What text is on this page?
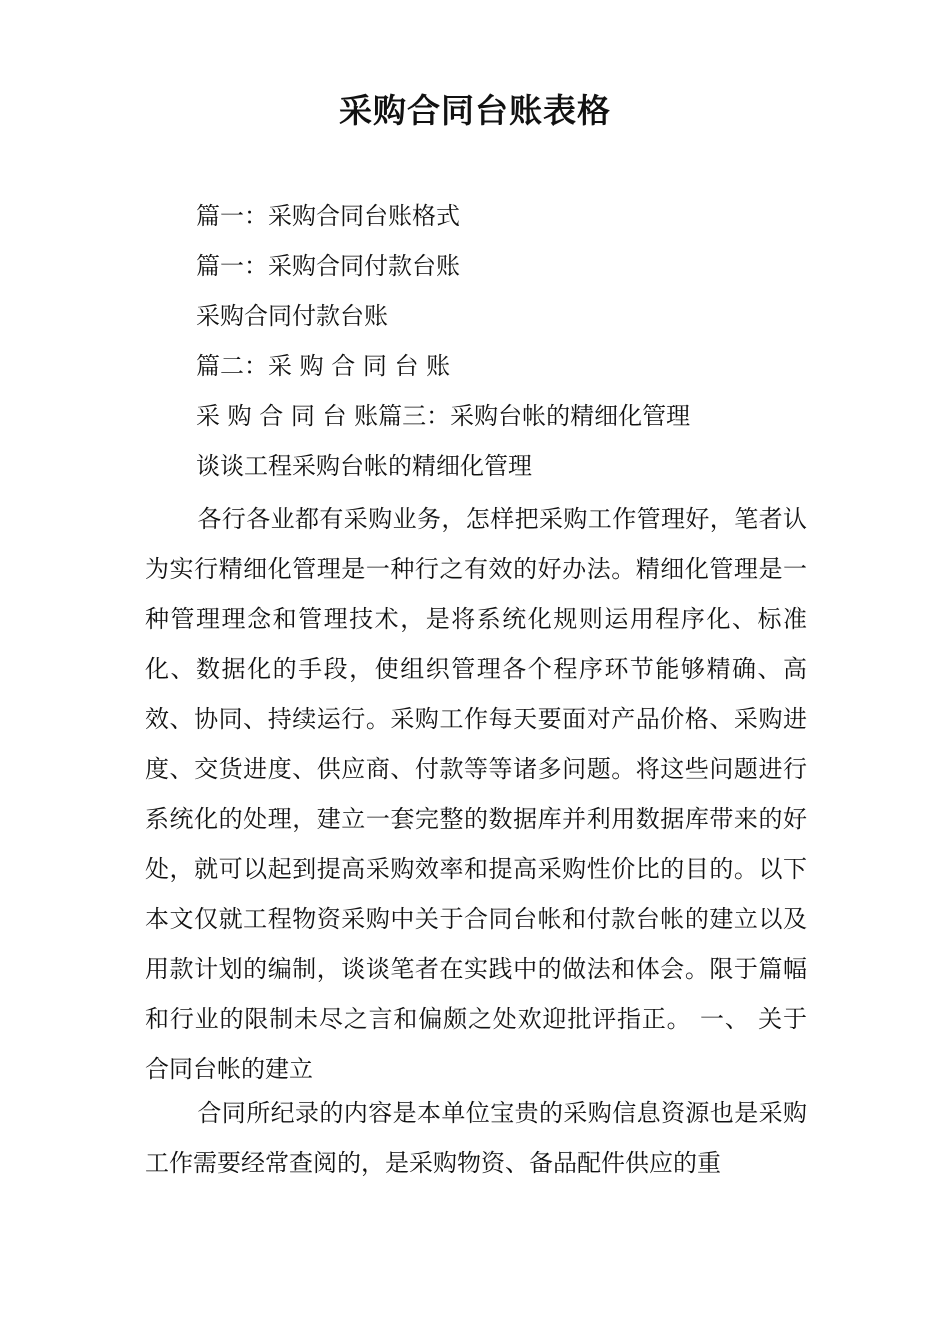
采购合同台账表格
篇一：采购合同台账格式
篇一：采购合同付款台账
采购合同付款台账
篇二：采 购 合 同 台 账
采 购 合 同 台 账篇三：采购台帐的精细化管理
谈谈工程采购台帐的精细化管理
各行各业都有采购业务，怎样把采购工作管理好，笔者认为实行精细化管理是一种行之有效的好办法。精细化管理是一种管理理念和管理技术，是将系统化规则运用程序化、标准化、数据化的手段，使组织管理各个程序环节能够精确、高效、协同、持续运行。采购工作每天要面对产品价格、采购进度、交货进度、供应商、付款等等诸多问题。将这些问题进行系统化的处理，建立一套完整的数据库并利用数据库带来的好处，就可以起到提高采购效率和提高采购性价比的目的。以下本文仅就工程物资采购中关于合同台帐和付款台帐的建立以及用款计划的编制，谈谈笔者在实践中的做法和体会。限于篇幅和行业的限制未尽之言和偏颇之处欢迎批评指正。 一、 关于合同台帐的建立
合同所纪录的内容是本单位宝贵的采购信息资源也是采购工作需要经常查阅的，是采购物资、备品配件供应的重
